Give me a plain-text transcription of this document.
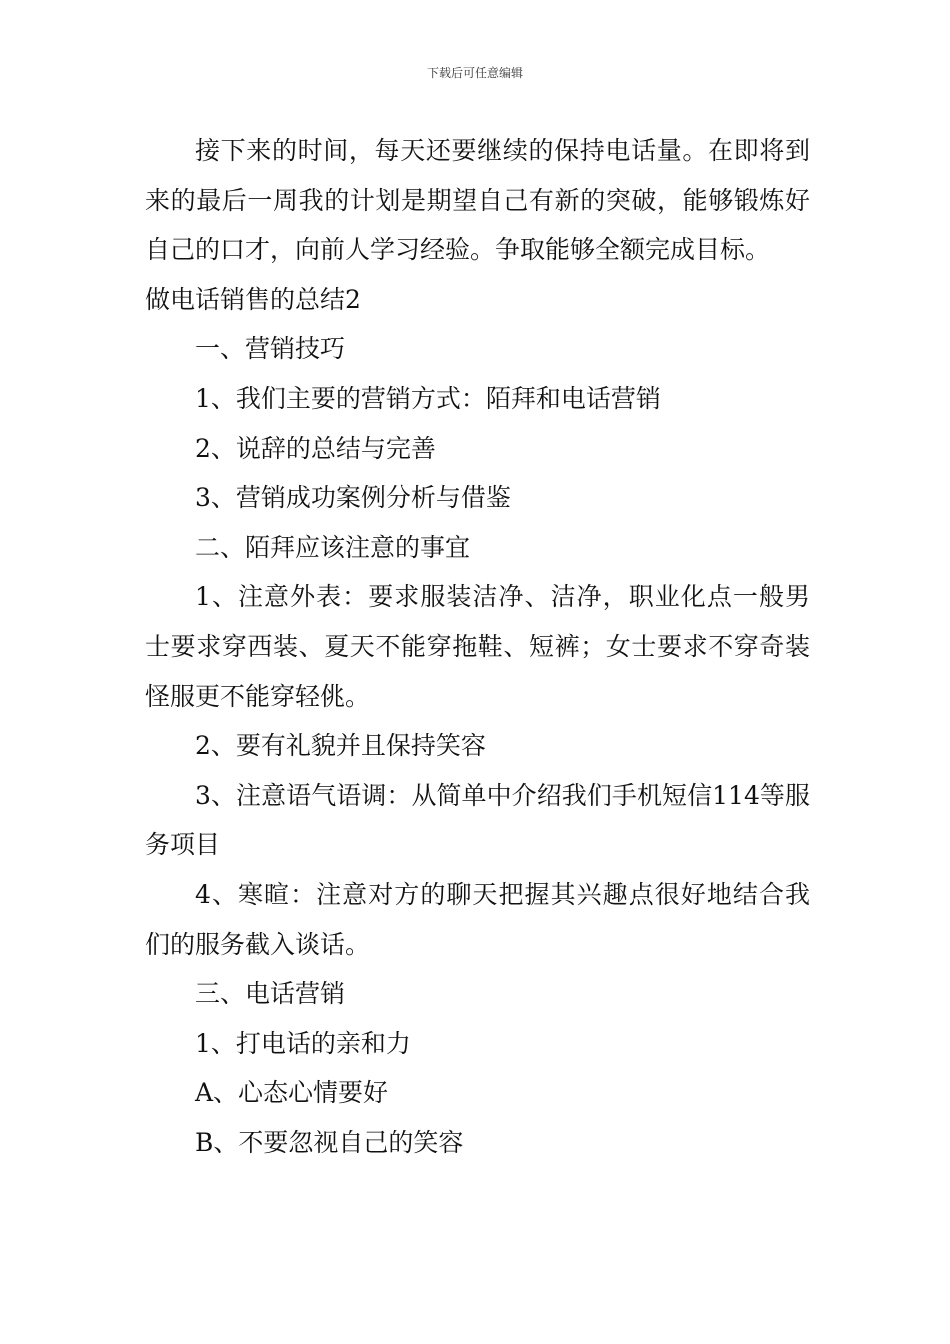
下载后可任意编辑

接下来的时间，每天还要继续的保持电话量。在即将到来的最后一周我的计划是期望自己有新的突破，能够锻炼好自己的口才，向前人学习经验。争取能够全额完成目标。

做电话销售的总结2

一、营销技巧

1、我们主要的营销方式：陌拜和电话营销

2、说辞的总结与完善

3、营销成功案例分析与借鉴

二、陌拜应该注意的事宜

1、注意外表：要求服装洁净、洁净，职业化点一般男士要求穿西装、夏天不能穿拖鞋、短裤；女士要求不穿奇装怪服更不能穿轻佻。

2、要有礼貌并且保持笑容

3、注意语气语调：从简单中介绍我们手机短信114等服务项目

4、寒暄：注意对方的聊天把握其兴趣点很好地结合我们的服务截入谈话。

三、电话营销

1、打电话的亲和力

A、心态心情要好

B、不要忽视自己的笑容
